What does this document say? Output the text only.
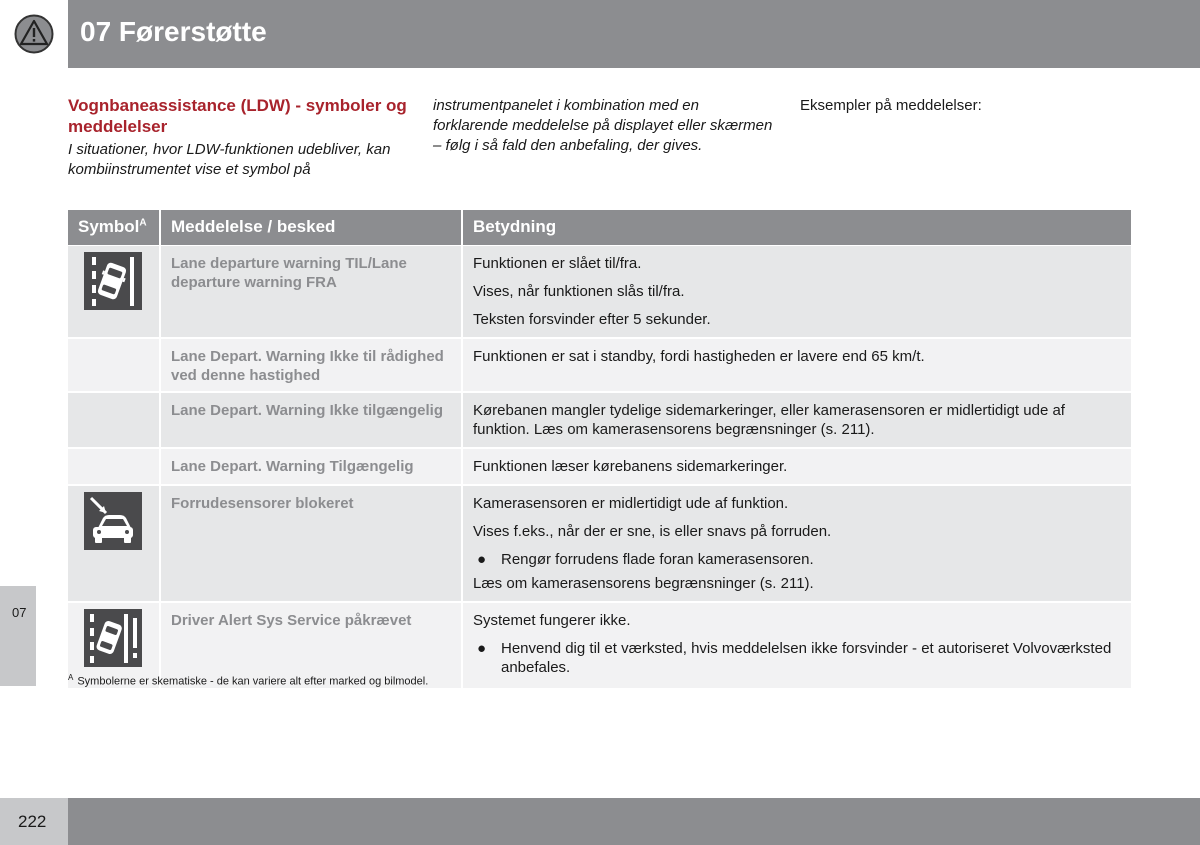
07 Førerstøtte
07
Vognbaneassistance (LDW) - symboler og meddelelser
I situationer, hvor LDW-funktionen udebliver, kan kombiinstrumentet vise et symbol på
instrumentpanelet i kombination med en forklarende meddelelse på displayet eller skærmen – følg i så fald den anbefaling, der gives.
Eksempler på meddelelser:
Symbol$^A$	Meddelelse / besked	Betydning

	Lane departure warning TIL/Lane departure warning FRA	Funktionen er slået til/fra.

Vises, når funktionen slås til/fra.

Teksten forsvinder efter 5 sekunder.

	Lane Depart. Warning Ikke til rådighed ved denne hastighed	Funktionen er sat i standby, fordi hastigheden er lavere end 65 km/t.

	Lane Depart. Warning Ikke tilgængelig	Kørebanen mangler tydelige sidemarkeringer, eller kamerasensoren er midlertidigt ude af funktion. Læs om kamerasensorens begrænsninger (s. 211).

	Lane Depart. Warning Tilgængelig	Funktionen læser kørebanens sidemarkeringer.

	Forrudesensorer blokeret	Kamerasensoren er midlertidigt ude af funktion.

Vises f.eks., når der er sne, is eller snavs på forruden.

● Rengør forrudens flade foran kamerasensoren.

Læs om kamerasensorens begrænsninger (s. 211).

	Driver Alert Sys Service påkrævet	Systemet fungerer ikke.

● Henvend dig til et værksted, hvis meddelelsen ikke forsvinder - et autoriseret Volvoværksted anbefales.
$^A$ Symbolerne er skematiske - de kan variere alt efter marked og bilmodel.
222
